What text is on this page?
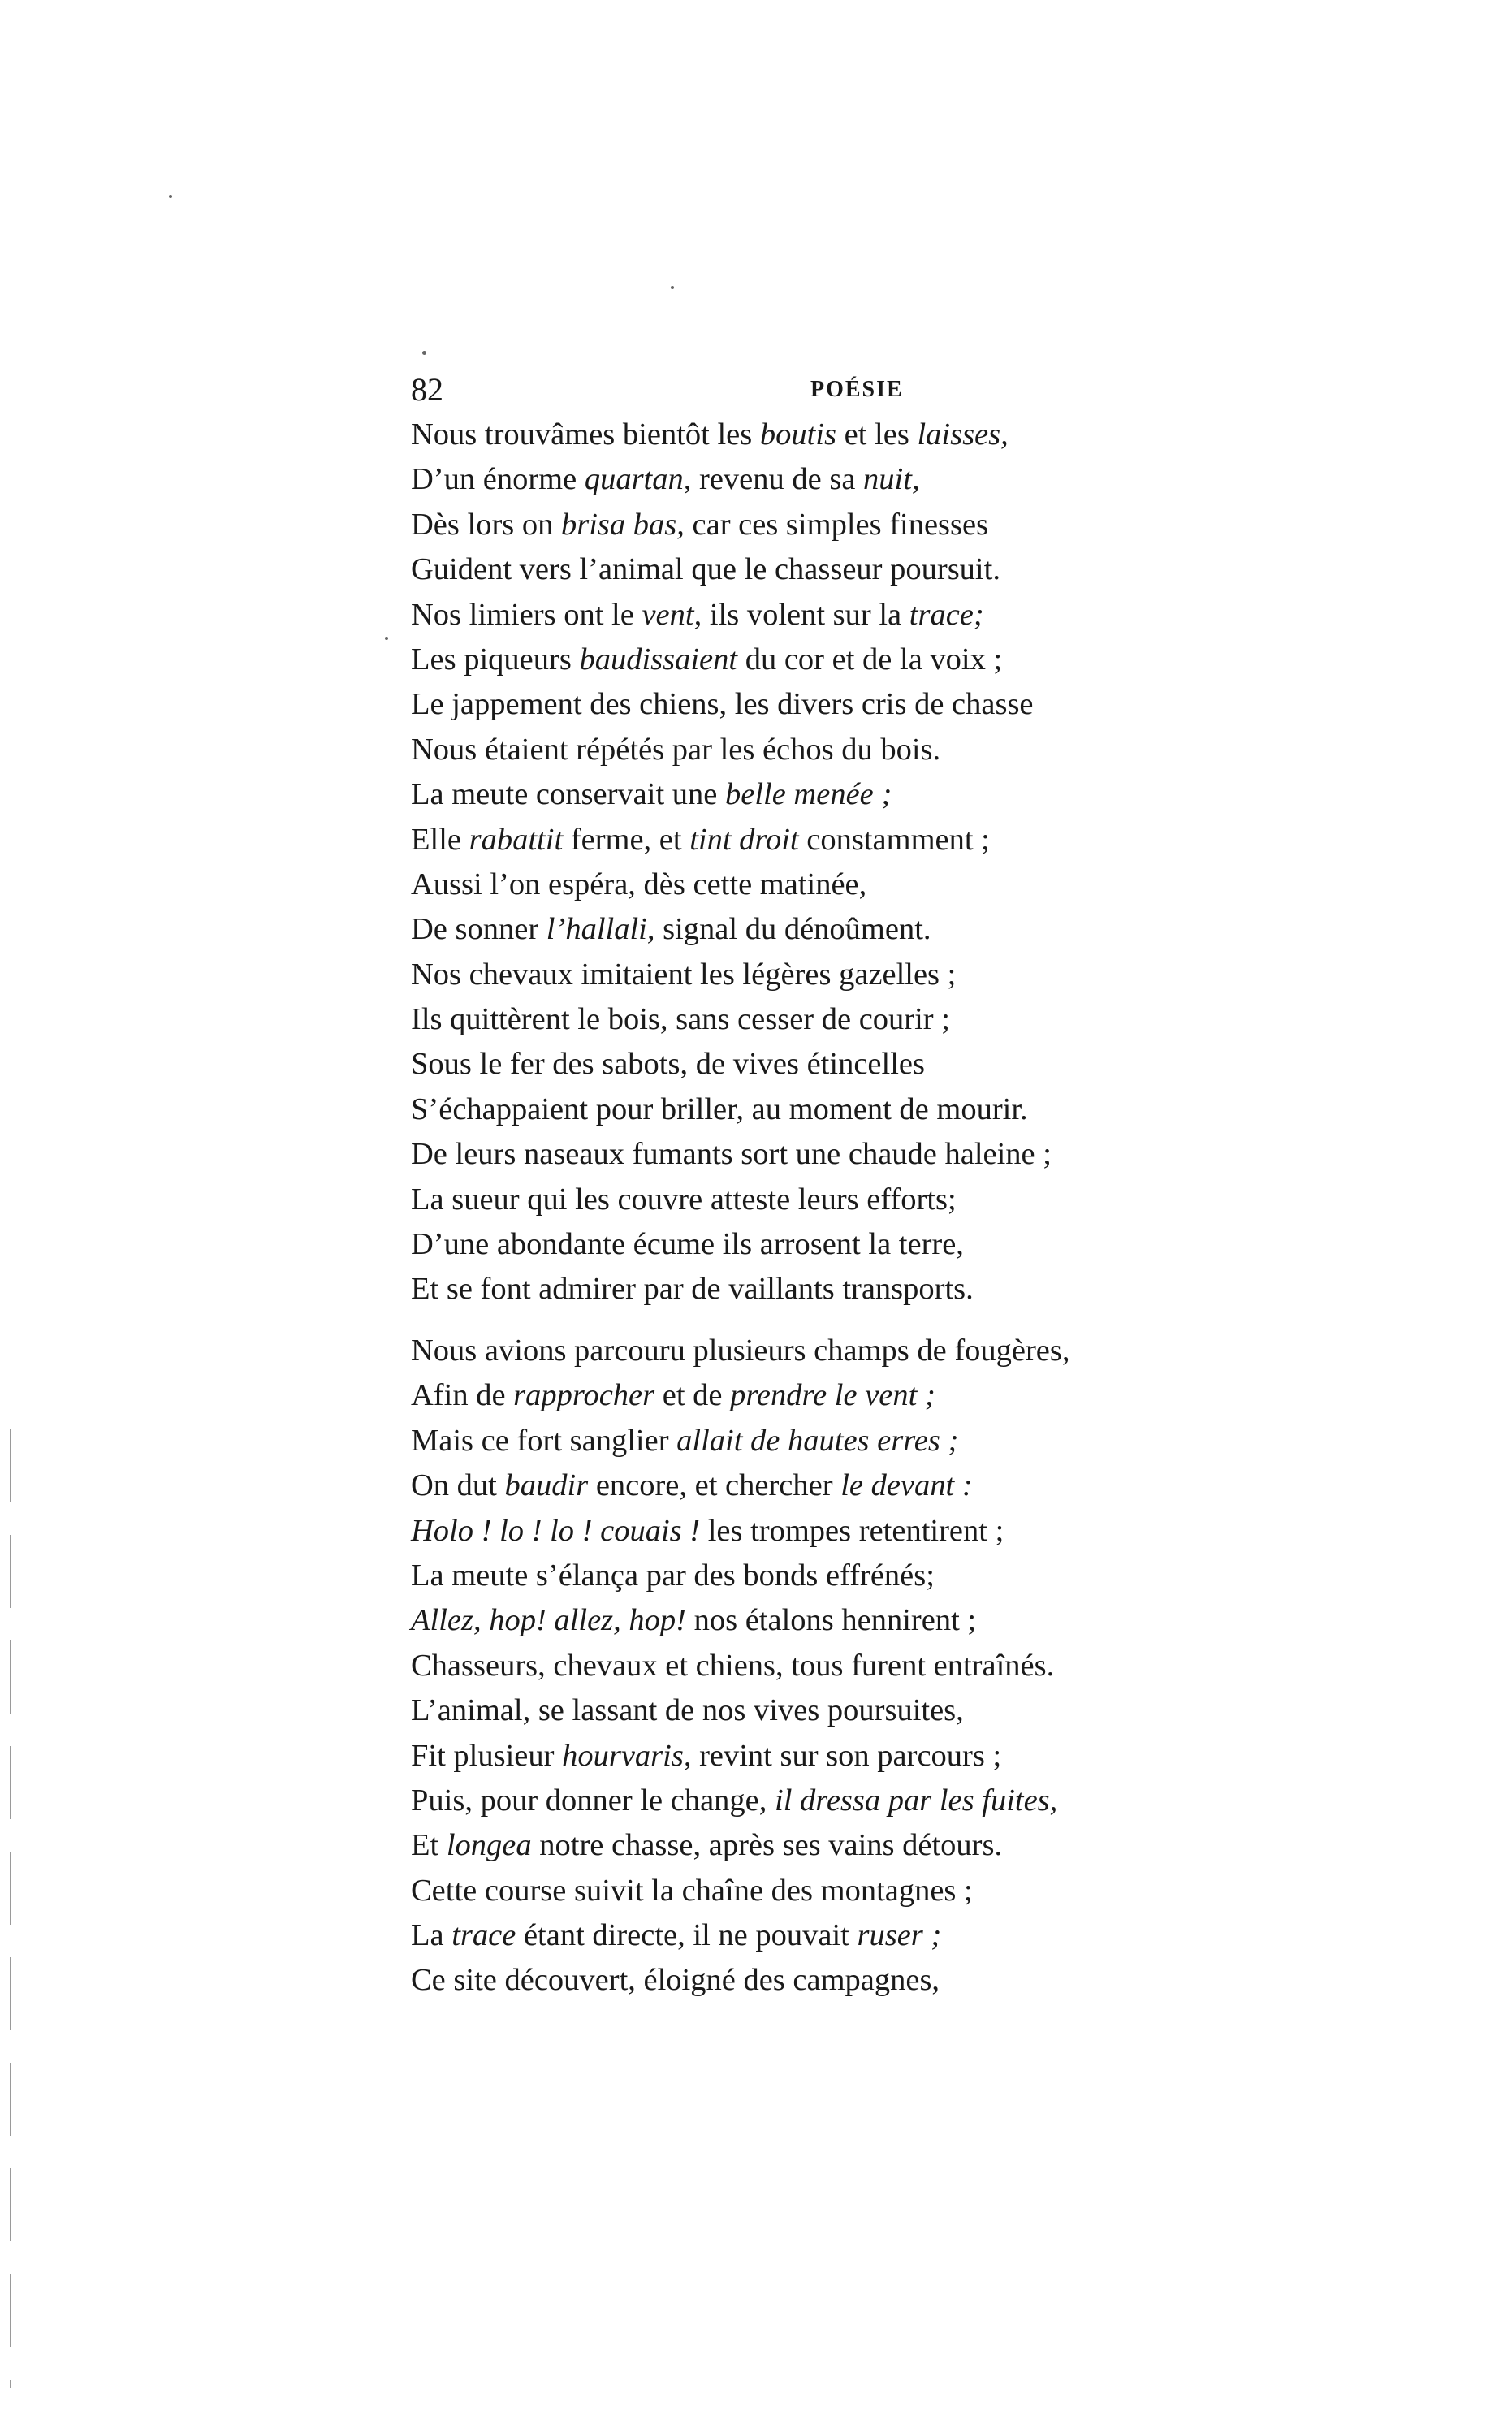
82	POÉSIE
Nous trouvâmes bientôt les boutis et les laisses,
D’un énorme quartan, revenu de sa nuit,
Dès lors on brisa bas, car ces simples finesses
Guident vers l’animal que le chasseur poursuit.
Nos limiers ont le vent, ils volent sur la trace;
Les piqueurs baudissaient du cor et de la voix ;
Le jappement des chiens, les divers cris de chasse
Nous étaient répétés par les échos du bois.
La meute conservait une belle menée ;
Elle rabattit ferme, et tint droit constamment ;
Aussi l’on espéra, dès cette matinée,
De sonner l’hallali, signal du dénoûment.
Nos chevaux imitaient les légères gazelles ;
Ils quittèrent le bois, sans cesser de courir ;
Sous le fer des sabots, de vives étincelles
S’échappaient pour briller, au moment de mourir.
De leurs naseaux fumants sort une chaude haleine ;
La sueur qui les couvre atteste leurs efforts;
D’une abondante écume ils arrosent la terre,
Et se font admirer par de vaillants transports.
Nous avions parcouru plusieurs champs de fougères,
Afin de rapprocher et de prendre le vent ;
Mais ce fort sanglier allait de hautes erres ;
On dut baudir encore, et chercher le devant :
Holo ! lo ! lo ! couais ! les trompes retentirent ;
La meute s’élança par des bonds effrénés;
Allez, hop! allez, hop! nos étalons hennirent ;
Chasseurs, chevaux et chiens, tous furent entraînés.
L’animal, se lassant de nos vives poursuites,
Fit plusieur hourvaris, revint sur son parcours ;
Puis, pour donner le change, il dressa par les fuites,
Et longea notre chasse, après ses vains détours.
Cette course suivit la chaîne des montagnes ;
La trace étant directe, il ne pouvait ruser ;
Ce site découvert, éloigné des campagnes,
